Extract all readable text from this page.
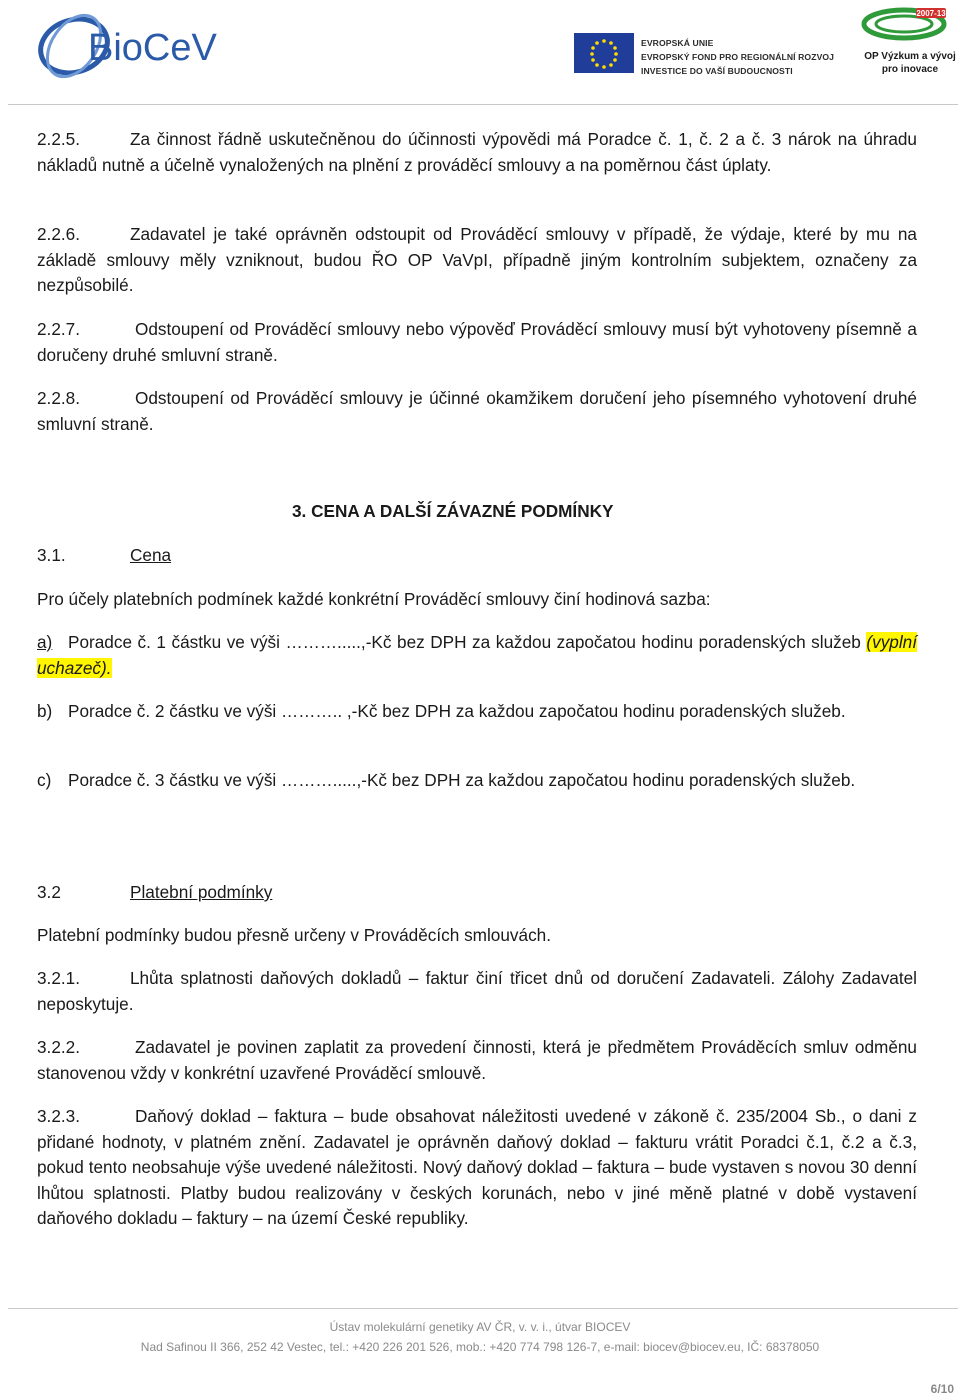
BioCeV	EVROPSKÁ UNIE
EVROPSKÝ FOND PRO REGIONÁLNÍ ROZVOJ
INVESTICE DO VAŠÍ BUDOUCNOSTI
2007-13
OP Výzkum a vývoj
pro inovace
2.2.5.	Za činnost řádně uskutečněnou do účinnosti výpovědi má Poradce č. 1, č. 2 a č. 3 nárok na úhradu nákladů nutně a účelně vynaložených na plnění z prováděcí smlouvy a na poměrnou část úplaty.
2.2.6.	Zadavatel je také oprávněn odstoupit od Prováděcí smlouvy v případě, že výdaje, které by mu na základě smlouvy měly vzniknout, budou ŘO OP VaVpI, případně jiným kontrolním subjektem, označeny za nezpůsobilé.
2.2.7.	Odstoupení od Prováděcí smlouvy nebo výpověď Prováděcí smlouvy musí být vyhotoveny písemně a doručeny druhé smluvní straně.
2.2.8.	Odstoupení od Prováděcí smlouvy je účinné okamžikem doručení jeho písemného vyhotovení druhé smluvní straně.
3. CENA A DALŠÍ ZÁVAZNÉ PODMÍNKY
3.1.	Cena
Pro účely platebních podmínek každé konkrétní Prováděcí smlouvy činí hodinová sazba:
a) Poradce č. 1 částku ve výši ……….....,-Kč bez DPH za každou započatou hodinu poradenských služeb (vyplní uchazeč).
b) Poradce č. 2 částku ve výši ……….. ,-Kč bez DPH za každou započatou hodinu poradenských služeb.
c) Poradce č. 3 částku ve výši ……….....,-Kč bez DPH za každou započatou hodinu poradenských služeb.
3.2	Platební podmínky
Platební podmínky budou přesně určeny v Prováděcích smlouvách.
3.2.1.	Lhůta splatnosti daňových dokladů – faktur činí třicet dnů od doručení Zadavateli. Zálohy Zadavatel neposkytuje.
3.2.2.	Zadavatel je povinen zaplatit za provedení činnosti, která je předmětem Prováděcích smluv odměnu stanovenou vždy v konkrétní uzavřené Prováděcí smlouvě.
3.2.3.	Daňový doklad – faktura – bude obsahovat náležitosti uvedené v zákoně č. 235/2004 Sb., o dani z přidané hodnoty, v platném znění. Zadavatel je oprávněn daňový doklad – fakturu vrátit Poradci č.1, č.2 a č.3, pokud tento neobsahuje výše uvedené náležitosti. Nový daňový doklad – faktura – bude vystaven s novou 30 denní lhůtou splatnosti. Platby budou realizovány v českých korunách, nebo v jiné měně platné v době vystavení daňového dokladu – faktury – na území České republiky.
Ústav molekulární genetiky AV ČR, v. v. i., útvar BIOCEV
Nad Safinou II 366, 252 42 Vestec, tel.: +420 226 201 526, mob.: +420 774 798 126-7, e-mail: biocev@biocev.eu, IČ: 68378050
6/10
